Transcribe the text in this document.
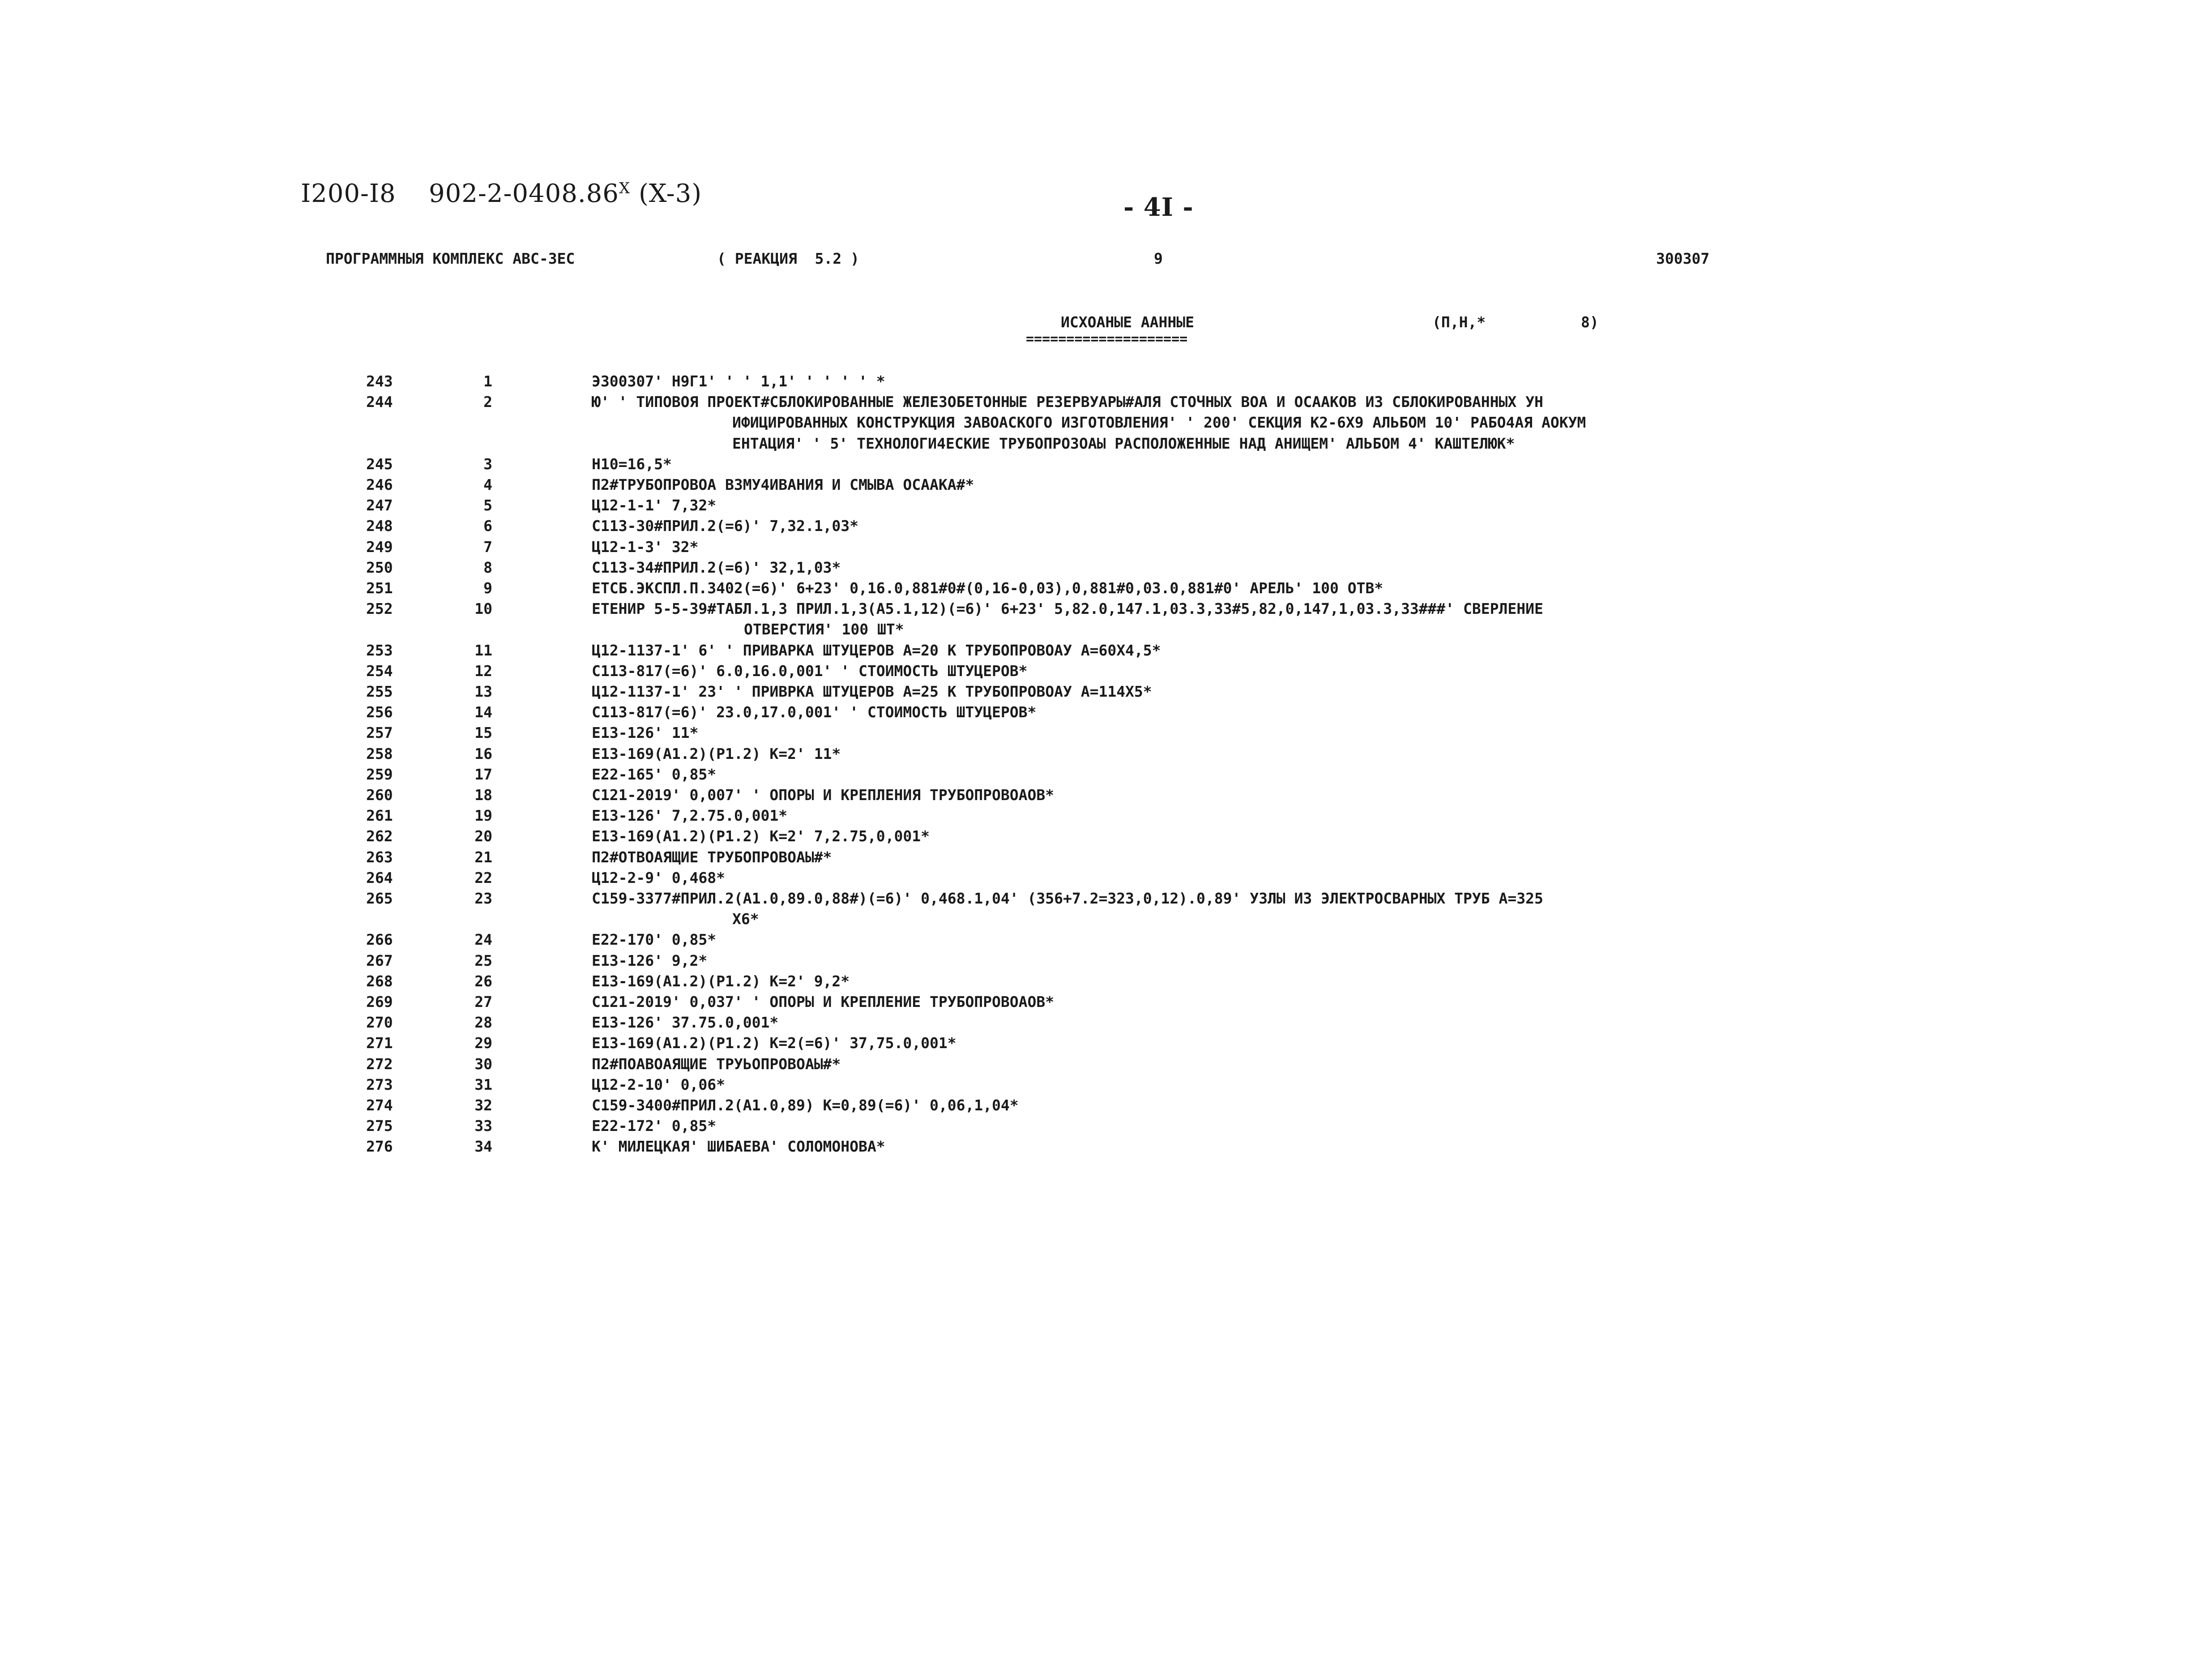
I200-I8 $902-2-0408.86^X$ (X-3)	- 4I -
ПРОГРАММНЫЯ КОМПЛЕКС АВС-ЗЕС	( РЕАКЦИЯ  5.2 )	9	300307
ИСХОАНЫЕ ААННЫЕ
====================
(П,Н,*	8)
243	1	Э300307' Н9Г1' ' ' 1,1' ' ' ' ' *
244	2	Ю' ' ТИПОВОЯ ПРОЕКТ#СБЛОКИРОВАННЫЕ ЖЕЛЕЗОБЕТОННЫЕ РЕЗЕРВУАРЫ#АЛЯ СТОЧНЫХ ВОА И ОСААКОВ ИЗ СБЛОКИРОВАННЫХ УН
ИФИЦИРОВАННЫХ КОНСТРУКЦИЯ ЗАВОАСКОГО ИЗГОТОВЛЕНИЯ' ' 200' СЕКЦИЯ К2-6Х9 АЛЬБОМ 10' РАБО4АЯ АОКУМ
ЕНТАЦИЯ' ' 5' ТЕХНОЛОГИ4ЕСКИЕ ТРУБОПРОЗОАЫ РАСПОЛОЖЕННЫЕ НАД АНИЩЕМ' АЛЬБОМ 4' КАШТЕЛЮК*
245	3	Н10=16,5*
246	4	П2#ТРУБОПРОВОА ВЗМУ4ИВАНИЯ И СМЫВА ОСААКА#*
247	5	Ц12-1-1' 7,32*
248	6	С113-30#ПРИЛ.2(=6)' 7,32.1,03*
249	7	Ц12-1-3' 32*
250	8	С113-34#ПРИЛ.2(=6)' 32,1,03*
251	9	ЕТСБ.ЭКСПЛ.П.3402(=6)' 6+23' 0,16.0,881#0#(0,16-0,03),0,881#0,03.0,881#0' АРЕЛЬ' 100 ОТВ*
252	10	ЕТЕНИР 5-5-39#ТАБЛ.1,3 ПРИЛ.1,3(А5.1,12)(=6)' 6+23' 5,82.0,147.1,03.3,33#5,82,0,147,1,03.3,33###' СВЕРЛЕНИЕ
ОТВЕРСТИЯ' 100 ШТ*
253	11	Ц12-1137-1' 6' ' ПРИВАРКА ШТУЦЕРОВ А=20 К ТРУБОПРОВОАУ А=60Х4,5*
254	12	С113-817(=6)' 6.0,16.0,001' ' СТОИМОСТЬ ШТУЦЕРОВ*
255	13	Ц12-1137-1' 23' ' ПРИВРКА ШТУЦЕРОВ А=25 К ТРУБОПРОВОАУ А=114Х5*
256	14	С113-817(=6)' 23.0,17.0,001' ' СТОИМОСТЬ ШТУЦЕРОВ*
257	15	Е13-126' 11*
258	16	Е13-169(А1.2)(Р1.2) К=2' 11*
259	17	Е22-165' 0,85*
260	18	С121-2019' 0,007' ' ОПОРЫ И КРЕПЛЕНИЯ ТРУБОПРОВОАОВ*
261	19	Е13-126' 7,2.75.0,001*
262	20	Е13-169(А1.2)(Р1.2) К=2' 7,2.75,0,001*
263	21	П2#ОТВОАЯЩИЕ ТРУБОПРОВОАЫ#*
264	22	Ц12-2-9' 0,468*
265	23	С159-3377#ПРИЛ.2(А1.0,89.0,88#)(=6)' 0,468.1,04' (356+7.2=323,0,12).0,89' УЗЛЫ ИЗ ЭЛЕКТРОСВАРНЫХ ТРУБ А=325
Х6*
266	24	Е22-170' 0,85*
267	25	Е13-126' 9,2*
268	26	Е13-169(А1.2)(Р1.2) К=2' 9,2*
269	27	С121-2019' 0,037' ' ОПОРЫ И КРЕПЛЕНИЕ ТРУБОПРОВОАОВ*
270	28	Е13-126' 37.75.0,001*
271	29	Е13-169(А1.2)(Р1.2) К=2(=6)' 37,75.0,001*
272	30	П2#ПОАВОАЯЩИЕ ТРУЬОПРОВОАЫ#*
273	31	Ц12-2-10' 0,06*
274	32	С159-3400#ПРИЛ.2(А1.0,89) К=0,89(=6)' 0,06,1,04*
275	33	Е22-172' 0,85*
276	34	К' МИЛЕЦКАЯ' ШИБАЕВА' СОЛОМОНОВА*
